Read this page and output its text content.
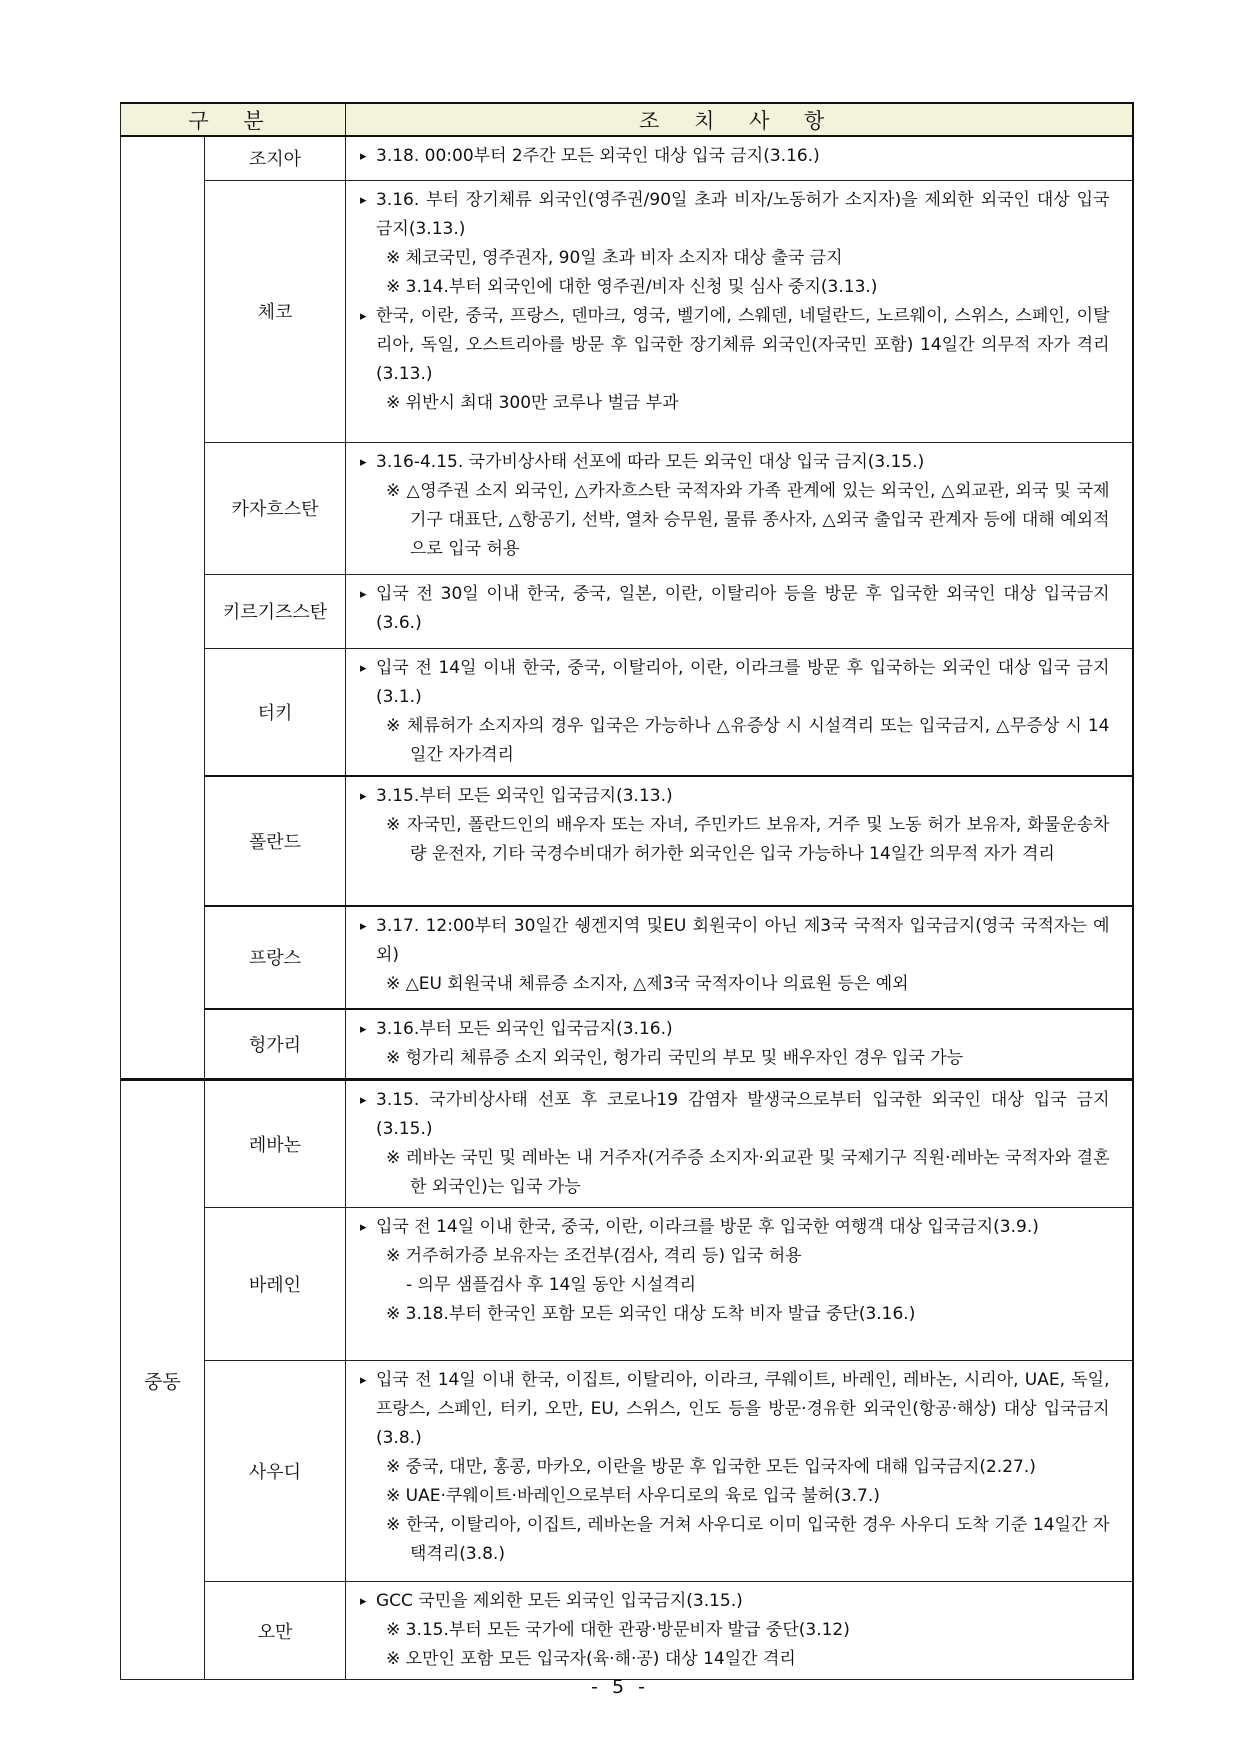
구 분		조 치 사 항
	조지아	▸ 3.18. 00:00부터 2주간 모든 외국인 대상 입국 금지(3.16.)

	체코	▸ 3.16. 부터 장기체류 외국인(영주권/90일 초과 비자/노동허가 소지자)을 제외한 외국인 대상 입국금지(3.13.)
※ 체코국민, 영주권자, 90일 초과 비자 소지자 대상 출국 금지
※ 3.14.부터 외국인에 대한 영주권/비자 신청 및 심사 중지(3.13.)
▸ 한국, 이란, 중국, 프랑스, 덴마크, 영국, 벨기에, 스웨덴, 네덜란드, 노르웨이, 스위스, 스페인, 이탈리아, 독일, 오스트리아를 방문 후 입국한 장기체류 외국인(자국민 포함) 14일간 의무적 자가 격리(3.13.)
※ 위반시 최대 300만 코루나 벌금 부과

	카자흐스탄	▸ 3.16-4.15. 국가비상사태 선포에 따라 모든 외국인 대상 입국 금지(3.15.)
※ △영주권 소지 외국인, △카자흐스탄 국적자와 가족 관계에 있는 외국인, △외교관, 외국 및 국제기구 대표단, △항공기, 선박, 열차 승무원, 물류 종사자, △외국 출입국 관계자 등에 대해 예외적으로 입국 허용

	키르기즈스탄	▸ 입국 전 30일 이내 한국, 중국, 일본, 이란, 이탈리아 등을 방문 후 입국한 외국인 대상 입국금지(3.6.)

	터키	▸ 입국 전 14일 이내 한국, 중국, 이탈리아, 이란, 이라크를 방문 후 입국하는 외국인 대상 입국 금지(3.1.)
※ 체류허가 소지자의 경우 입국은 가능하나 △유증상 시 시설격리 또는 입국금지, △무증상 시 14일간 자가격리

	폴란드	▸ 3.15.부터 모든 외국인 입국금지(3.13.)
※ 자국민, 폴란드인의 배우자 또는 자녀, 주민카드 보유자, 거주 및 노동 허가 보유자, 화물운송차량 운전자, 기타 국경수비대가 허가한 외국인은 입국 가능하나 14일간 의무적 자가 격리

	프랑스	▸ 3.17. 12:00부터 30일간 쉥겐지역 및EU 회원국이 아닌 제3국 국적자 입국금지(영국 국적자는 예외)
※ △EU 회원국내 체류증 소지자, △제3국 국적자이나 의료원 등은 예외

	헝가리	▸ 3.16.부터 모든 외국인 입국금지(3.16.)
※ 헝가리 체류증 소지 외국인, 헝가리 국민의 부모 및 배우자인 경우 입국 가능

중동	레바논	▸ 3.15. 국가비상사태 선포 후 코로나19 감염자 발생국으로부터 입국한 외국인 대상 입국 금지(3.15.)
※ 레바논 국민 및 레바논 내 거주자(거주증 소지자·외교관 및 국제기구 직원·레바논 국적자와 결혼한 외국인)는 입국 가능

	바레인	▸ 입국 전 14일 이내 한국, 중국, 이란, 이라크를 방문 후 입국한 여행객 대상 입국금지(3.9.)
※ 거주허가증 보유자는 조건부(검사, 격리 등) 입국 허용
- 의무 샘플검사 후 14일 동안 시설격리
※ 3.18.부터 한국인 포함 모든 외국인 대상 도착 비자 발급 중단(3.16.)

	사우디	▸ 입국 전 14일 이내 한국, 이집트, 이탈리아, 이라크, 쿠웨이트, 바레인, 레바논, 시리아, UAE, 독일, 프랑스, 스페인, 터키, 오만, EU, 스위스, 인도 등을 방문·경유한 외국인(항공·해상) 대상 입국금지(3.8.)
※ 중국, 대만, 홍콩, 마카오, 이란을 방문 후 입국한 모든 입국자에 대해 입국금지(2.27.)
※ UAE·쿠웨이트·바레인으로부터 사우디로의 육로 입국 불허(3.7.)
※ 한국, 이탈리아, 이집트, 레바논을 거쳐 사우디로 이미 입국한 경우 사우디 도착 기준 14일간 자택격리(3.8.)

	오만	▸ GCC 국민을 제외한 모든 외국인 입국금지(3.15.)
※ 3.15.부터 모든 국가에 대한 관광·방문비자 발급 중단(3.12)
※ 오만인 포함 모든 입국자(육·해·공) 대상 14일간 격리
- 5 -
